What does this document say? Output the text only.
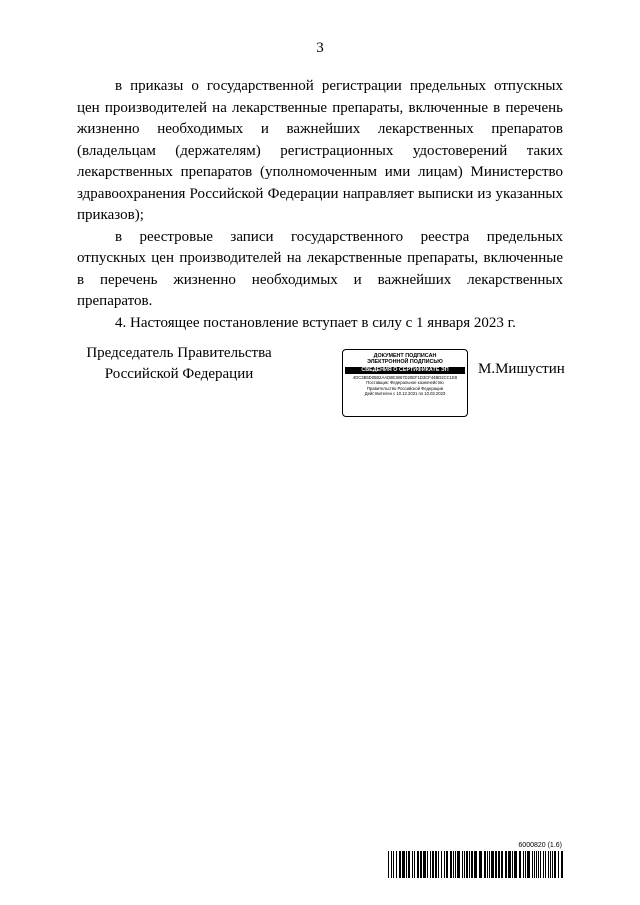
3

в приказы о государственной регистрации предельных отпускных цен производителей на лекарственные препараты, включенные в перечень жизненно необходимых и важнейших лекарственных препаратов (владельцам (держателям) регистрационных удостоверений таких лекарственных препаратов (уполномоченным ими лицам) Министерство здравоохранения Российской Федерации направляет выписки из указанных приказов);

в реестровые записи государственного реестра предельных отпускных цен производителей на лекарственные препараты, включенные в перечень жизненно необходимых и важнейших лекарственных препаратов.

4. Настоящее постановление вступает в силу с 1 января 2023 г.

Председатель Правительства
Российской Федерации
ДОКУМЕНТ ПОДПИСАН
ЭЛЕКТРОННОЙ ПОДПИСЬЮ
СВЕДЕНИЯ О СЕРТИФИКАТЕ ЭП
4DC3B5D05B2AAD8E3867D20EF1D3CF44BD2CC1E8
Поставщик: Федеральное казначейство
Правительство Российской Федерации
Действителен с 10.12.2021 по 10.03.2023
М.Мишустин
6000820 (1.6)
